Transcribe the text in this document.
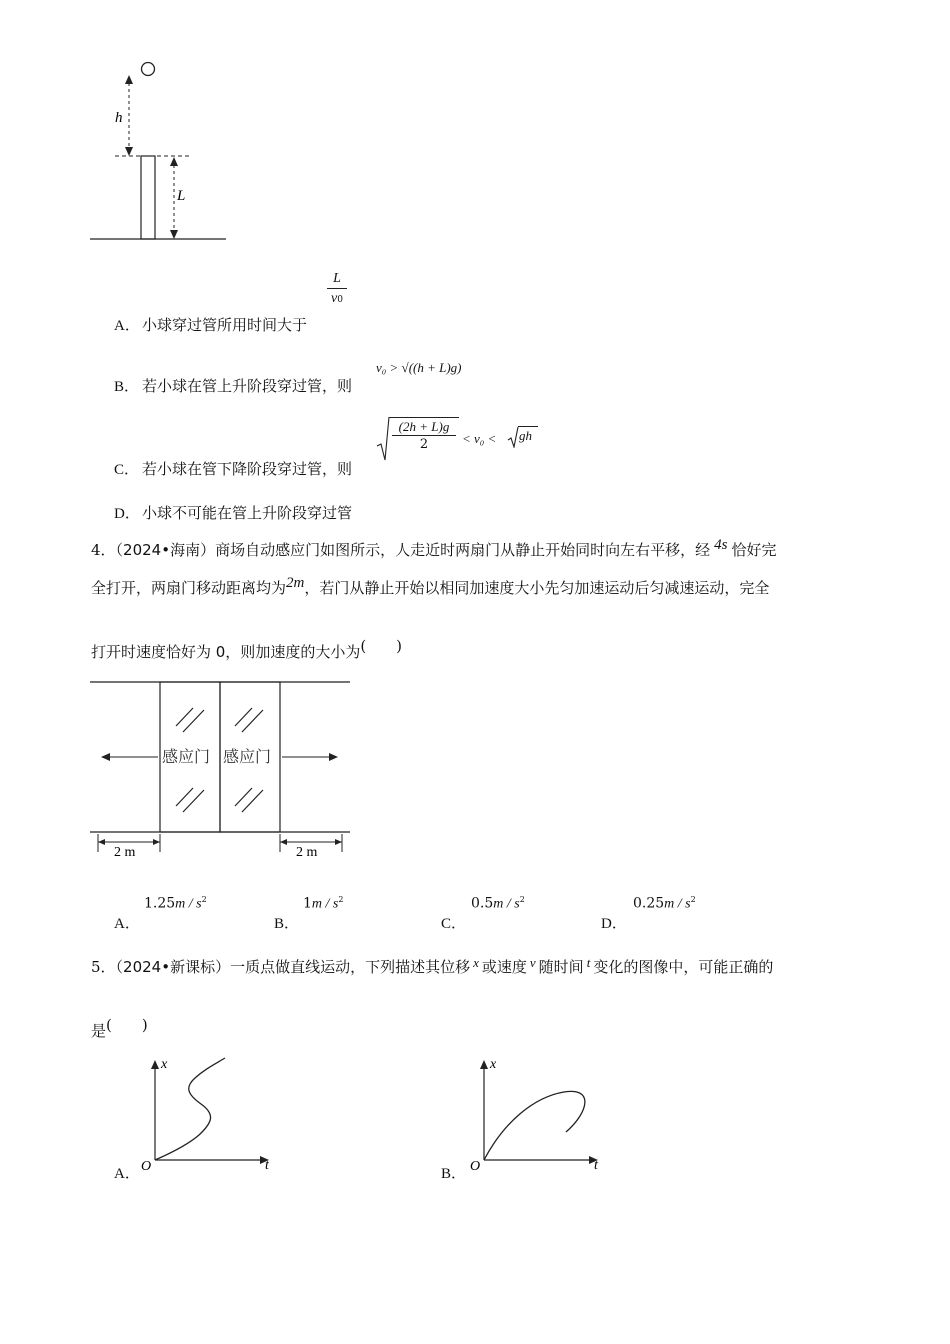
h
L
A． 小球穿过管所用时间大于
L
v0
B． 若小球在管上升阶段穿过管，则
v₀ > √((h + L)g)
C． 若小球在管下降阶段穿过管，则
(2h + L)g
2	< v₀ < gh
D． 小球不可能在管上升阶段穿过管
4．（2024•海南）商场自动感应门如图所示，人走近时两扇门从静止开始同时向左右平移，经 4s 恰好完
全打开，两扇门移动距离均为2m，若门从静止开始以相同加速度大小先匀加速运动后匀减速运动，完全
打开时速度恰好为 0，则加速度的大小为(　　)
感应门 感应门
2 m	2 m
A．
$1.25m / s^2$
B．
$1m / s^2$
C．
$0.5m / s^2$
D．
$0.25m / s^2$
5．（2024•新课标）一质点做直线运动，下列描述其位移 x 或速度 v 随时间 t 变化的图像中，可能正确的
是(　　)
A．
x
t
O	B．
x
t
O
